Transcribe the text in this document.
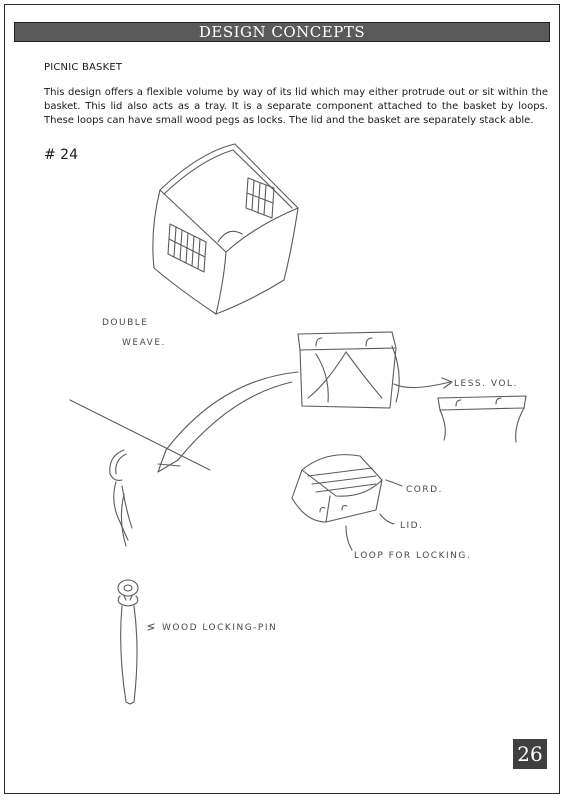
DESIGN CONCEPTS
PICNIC BASKET
This design offers a flexible volume by way of its lid which may either protrude out or sit within the basket. This lid also acts as a tray. It is a separate component attached to the basket by loops. These loops can have small wood pegs as locks. The lid and the basket are separately stack able.
# 24
DOUBLE
WEAVE.
LESS. VOL.
CORD.
LID.
LOOP FOR LOCKING.
WOOD LOCKING-PIN
26
